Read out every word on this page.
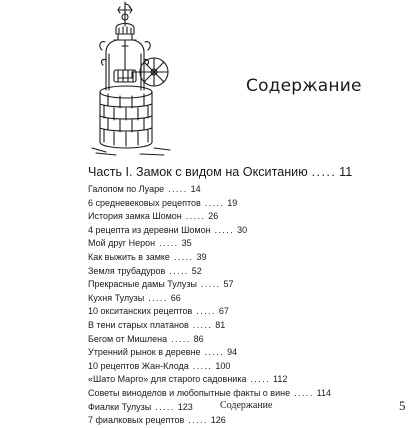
Содержание
Часть I. Замок с видом на Окситанию ..... 11
Галопом по Луаре ..... 14
6 средневековых рецептов ..... 19
История замка Шомон ..... 26
4 рецепта из деревни Шомон ..... 30
Мой друг Нерон ..... 35
Как выжить в замке ..... 39
Земля трубадуров ..... 52
Прекрасные дамы Тулузы ..... 57
Кухня Тулузы ..... 66
10 окситанских рецептов ..... 67
В тени старых платанов ..... 81
Бегом от Мишлена ..... 86
Утренний рынок в деревне ..... 94
10 рецептов Жан-Клода ..... 100
«Шато Марго» для старого садовника ..... 112
Советы виноделов и любопытные факты о вине ..... 114
Фиалки Тулузы ..... 123
7 фиалковых рецептов ..... 126
Содержание	5
